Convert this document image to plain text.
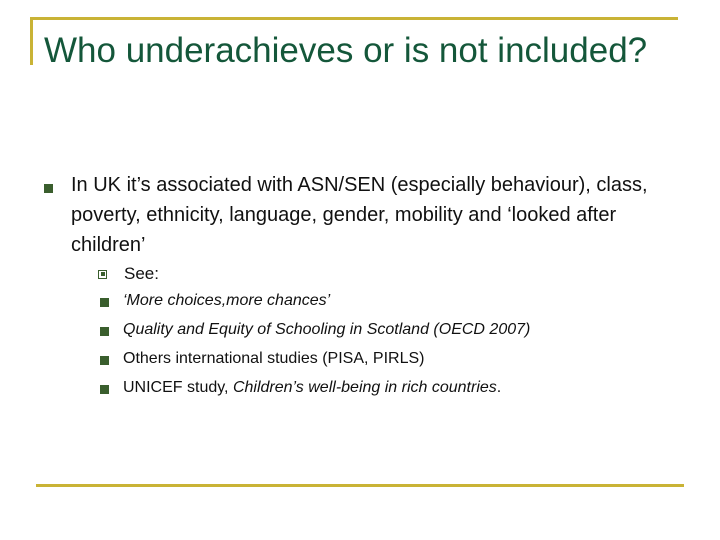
Who underachieves or is not included?
In UK it’s associated with ASN/SEN (especially behaviour), class, poverty, ethnicity, language, gender, mobility and ‘looked after children’
See:
‘More choices,more chances’
Quality and Equity of Schooling in Scotland (OECD 2007)
Others international studies (PISA, PIRLS)
UNICEF study, Children’s well-being in rich countries.
